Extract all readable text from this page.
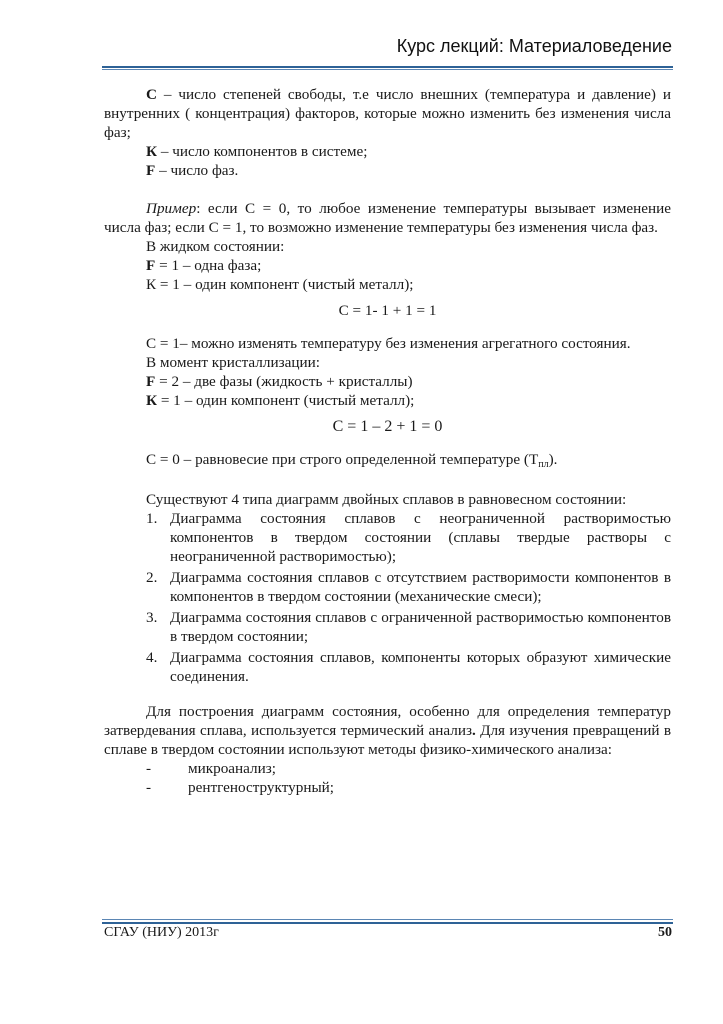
Курс лекций: Материаловедение

С – число степеней свободы, т.е число внешних (температура и давление) и внутренних ( концентрация) факторов, которые можно изменить без изменения числа фаз;

К – число компонентов в системе;

F – число фаз.

Пример: если С = 0, то любое изменение температуры вызывает изменение числа фаз; если С = 1, то возможно изменение температуры без изменения числа фаз.

В жидком состоянии:

F = 1 – одна фаза;

К = 1 – один компонент (чистый металл);

С = 1- 1 + 1 = 1

С = 1– можно изменять температуру без изменения агрегатного состояния.

В момент кристаллизации:

F = 2 – две фазы (жидкость + кристаллы)

К = 1 – один компонент (чистый металл);

С = 1 – 2 + 1 = 0

С = 0 – равновесие при строго определенной температуре $(Т_{пл})$.

Существуют 4 типа диаграмм двойных сплавов в равновесном состоянии:

1. Диаграмма состояния сплавов с неограниченной растворимостью компонентов в твердом состоянии (сплавы твердые растворы с неограниченной растворимостью);
2. Диаграмма состояния сплавов с отсутствием растворимости компонентов в компонентов в твердом состоянии (механические смеси);
3. Диаграмма состояния сплавов с ограниченной растворимостью компонентов в твердом состоянии;
4. Диаграмма состояния сплавов, компоненты которых образуют химические соединения.

Для построения диаграмм состояния, особенно для определения температур затвердевания сплава, используется термический анализ. Для изучения превращений в сплаве в твердом состоянии используют методы физико-химического анализа:

- микроанализ;
- рентгеноструктурный;
СГАУ (НИУ) 2013г	50
